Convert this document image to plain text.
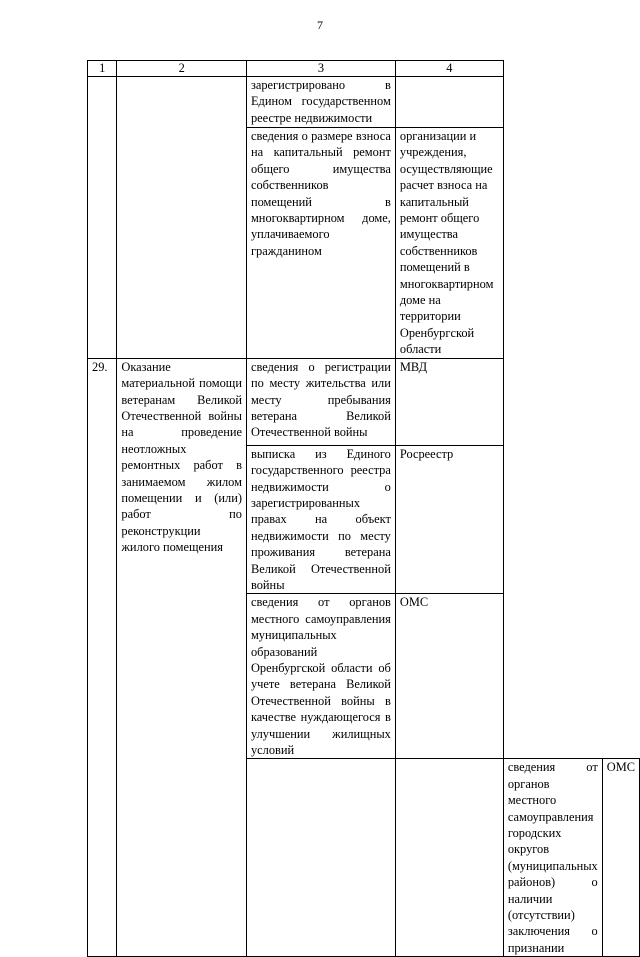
7
1	2	3	4		
		зарегистрировано в Едином государственном реестре недвижимости			
		сведения о размере взноса на капитальный ремонт общего имущества собственников помещений в многоквартирном доме, уплачиваемого гражданином	организации и учреждения, осуществляющие расчет взноса на капитальный ремонт общего имущества собственников помещений в многоквартирном доме на территории Оренбургской области		
29.	Оказание материальной помощи ветеранам Великой Отечественной войны на проведение неотложных ремонтных работ в занимаемом жилом помещении и (или) работ по реконструкции жилого помещения	сведения о регистрации по месту жительства или месту пребывания ветерана Великой Отечественной войны	МВД		
		выписка из Единого государственного реестра недвижимости о зарегистрированных правах на объект недвижимости по месту проживания ветерана Великой Отечественной войны	Росреестр		
		сведения от органов местного самоуправления муниципальных образований Оренбургской области об учете ветерана Великой Отечественной войны в качестве нуждающегося в улучшении жилищных условий	ОМС		
				сведения от органов местного самоуправления городских округов (муниципальных районов) о наличии (отсутствии) заключения о признании	ОМС
